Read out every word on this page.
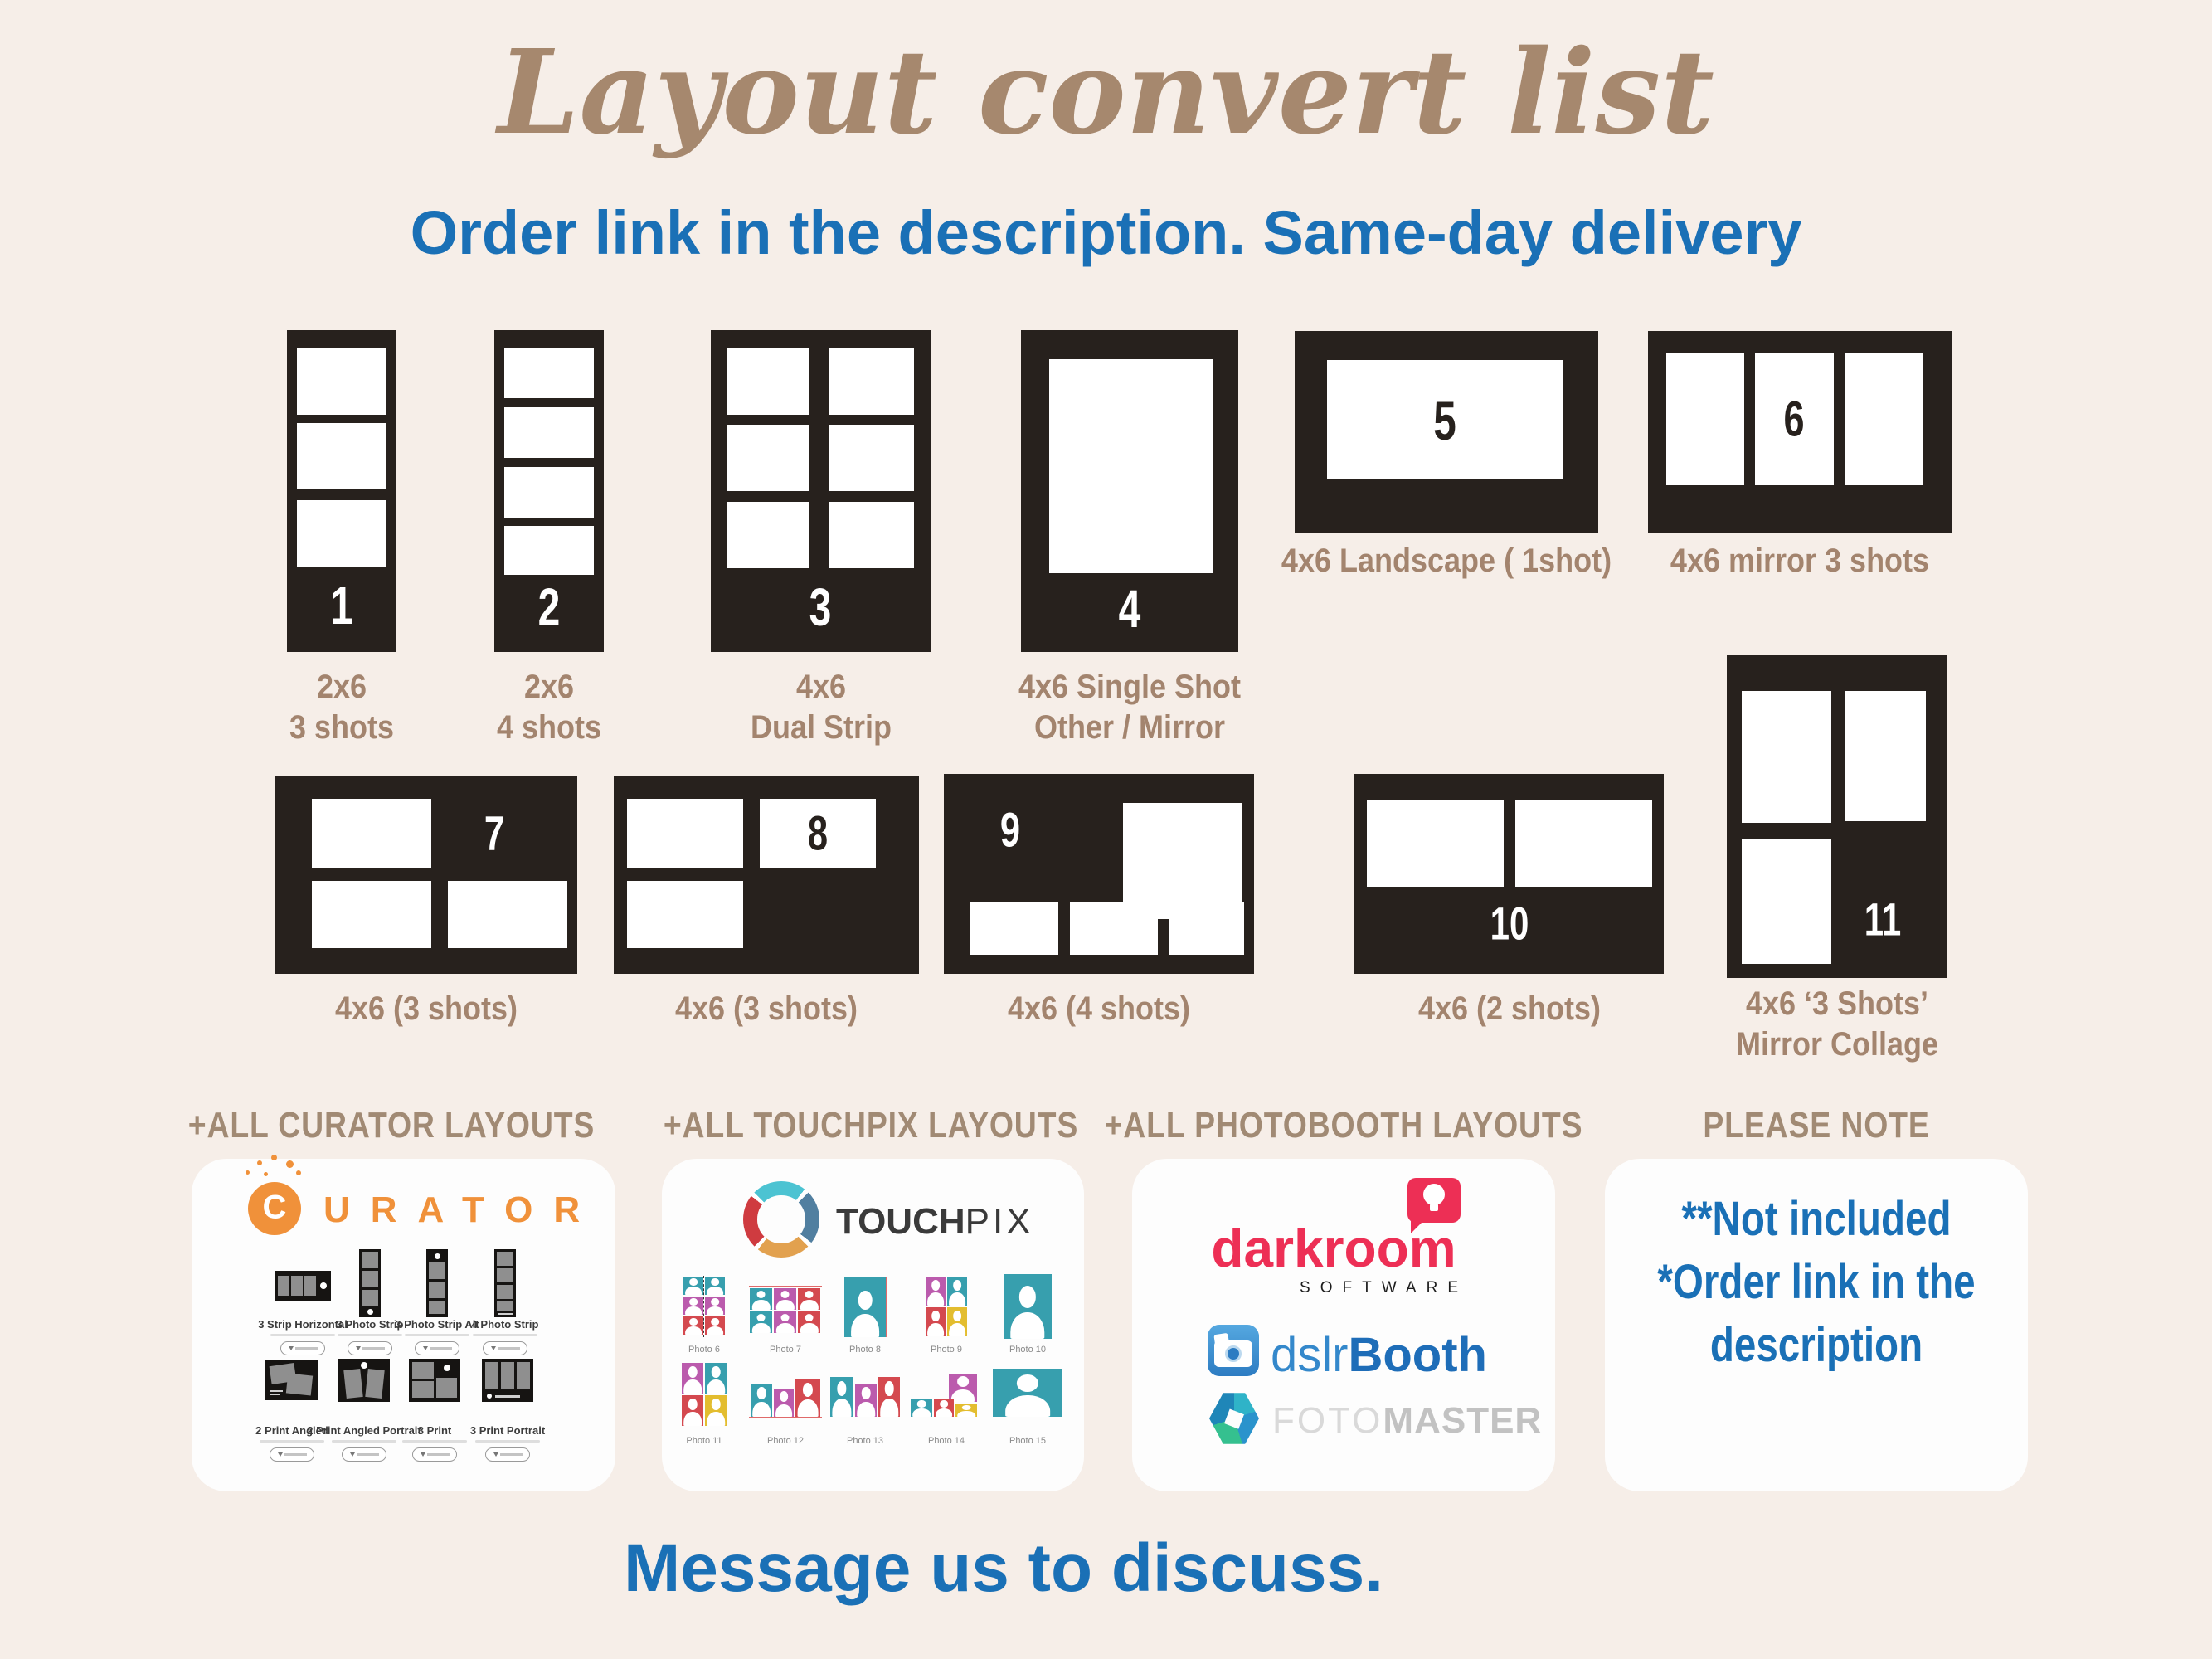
Layout convert list
Order link in the description. Same-day delivery
1
2x6
3 shots
2
2x6
4 shots
3
4x6
Dual Strip
4
4x6 Single Shot
Other / Mirror
5
4x6 Landscape ( 1shot)
6
4x6 mirror 3 shots
7
4x6 (3 shots)
8
4x6 (3 shots)
9
4x6 (4 shots)
10
4x6 (2 shots)
11
4x6 ‘3 Shots’
Mirror Collage
+ALL CURATOR LAYOUTS +ALL TOUCHPIX LAYOUTS +ALL PHOTOBOOTH LAYOUTS	PLEASE NOTE
C URATOR
3 Strip Horizontal
3 Photo Strip
3 Photo Strip Alt
4 Photo Strip
2 Print Angled
2 Print Angled Portrait
3 Print 3 Print Portrait
TOUCHPIX
Photo 6	Photo 7	Photo 8	Photo 9	Photo 10
Photo 11	Photo 12	Photo 13	Photo 14	Photo 15
darkroom
SOFTWARE
dslrBooth
FOTOMASTER
**Not included
*Order link in the
description
Message us to discuss.
